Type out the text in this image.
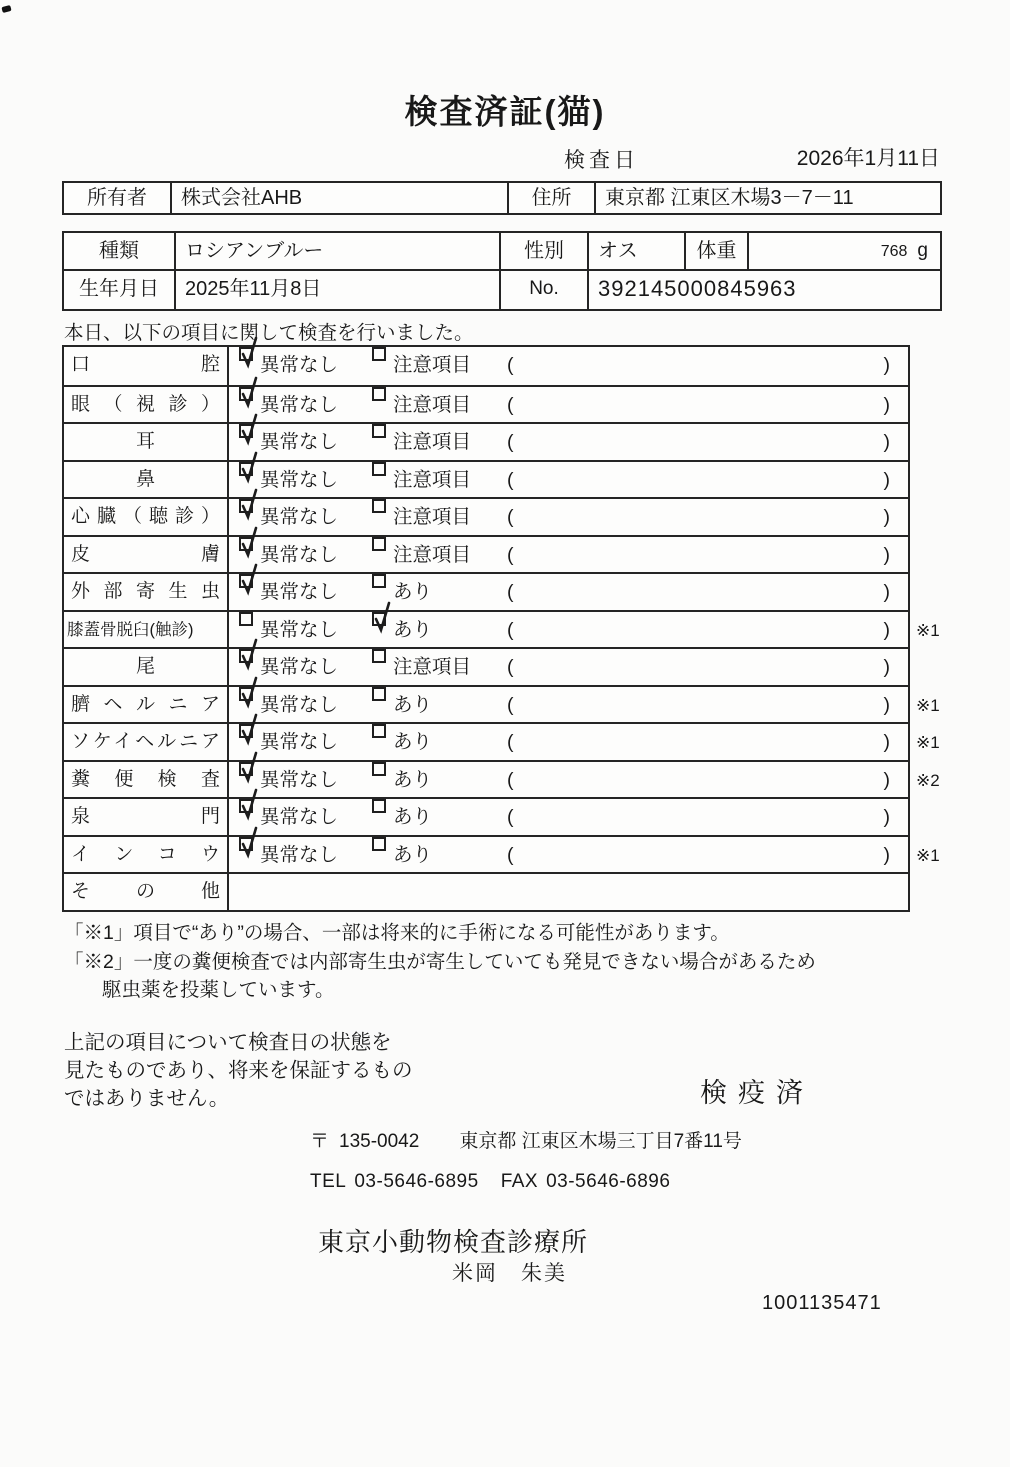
検査済証(猫)
検査日	2026年1月11日
所有者	株式会社AHB	住所	東京都 江東区木場3－7－11
種類	ロシアンブルー	性別	オス	体重	768 g
生年月日	2025年11月8日	No.	392145000845963
本日、以下の項目に関して検査を行いました。
口腔	異常なし	注意項目 (	)
眼（視診）	異常なし	注意項目 (	)
耳	異常なし	注意項目 (	)
鼻	異常なし	注意項目 (	)
心臓（聴診）	異常なし	注意項目 (	)
皮膚	異常なし	注意項目 (	)
外部寄生虫	異常なし	あり	(	)
膝蓋骨脱臼(触診)	異常なし	あり	(	) ※1
尾	異常なし	注意項目 (	)
臍ヘルニア	異常なし	あり	(	) ※1
ソケイヘルニア	異常なし	あり	(	) ※1
糞便検査	異常なし	あり	(	) ※2
泉門	異常なし	あり	(	)
インコウ	異常なし	あり	(	) ※1
その他
「※1」項目で“あり”の場合、一部は将来的に手術になる可能性があります。
「※2」一度の糞便検査では内部寄生虫が寄生していても発見できない場合があるため
駆虫薬を投薬しています。
上記の項目について検査日の状態を
見たものであり、将来を保証するもの
ではありません。	検疫済
〒 135-0042 東京都 江東区木場三丁目7番11号
TEL 03-5646-6895 FAX 03-5646-6896
東京小動物検査診療所
米岡　朱美
1001135471
